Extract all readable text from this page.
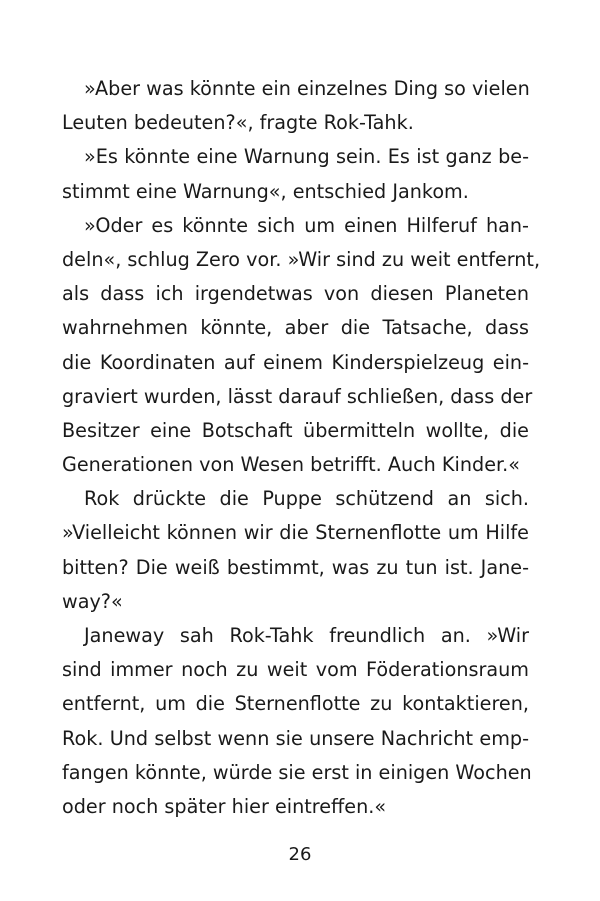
»Aber was könnte ein einzelnes Ding so vielen
Leuten bedeuten?«, fragte Rok-Tahk.
»Es könnte eine Warnung sein. Es ist ganz be-
stimmt eine Warnung«, entschied Jankom.
»Oder es könnte sich um einen Hilferuf han-
deln«, schlug Zero vor. »Wir sind zu weit entfernt,
als dass ich irgendetwas von diesen Planeten
wahrnehmen könnte, aber die Tatsache, dass
die Koordinaten auf einem Kinderspielzeug ein-
graviert wurden, lässt darauf schließen, dass der
Besitzer eine Botschaft übermitteln wollte, die
Generationen von Wesen betrifft. Auch Kinder.«
Rok drückte die Puppe schützend an sich.
»Vielleicht können wir die Sternenflotte um Hilfe
bitten? Die weiß bestimmt, was zu tun ist. Jane-
way?«
Janeway sah Rok-Tahk freundlich an. »Wir
sind immer noch zu weit vom Föderationsraum
entfernt, um die Sternenflotte zu kontaktieren,
Rok. Und selbst wenn sie unsere Nachricht emp-
fangen könnte, würde sie erst in einigen Wochen
oder noch später hier eintreffen.«
26
